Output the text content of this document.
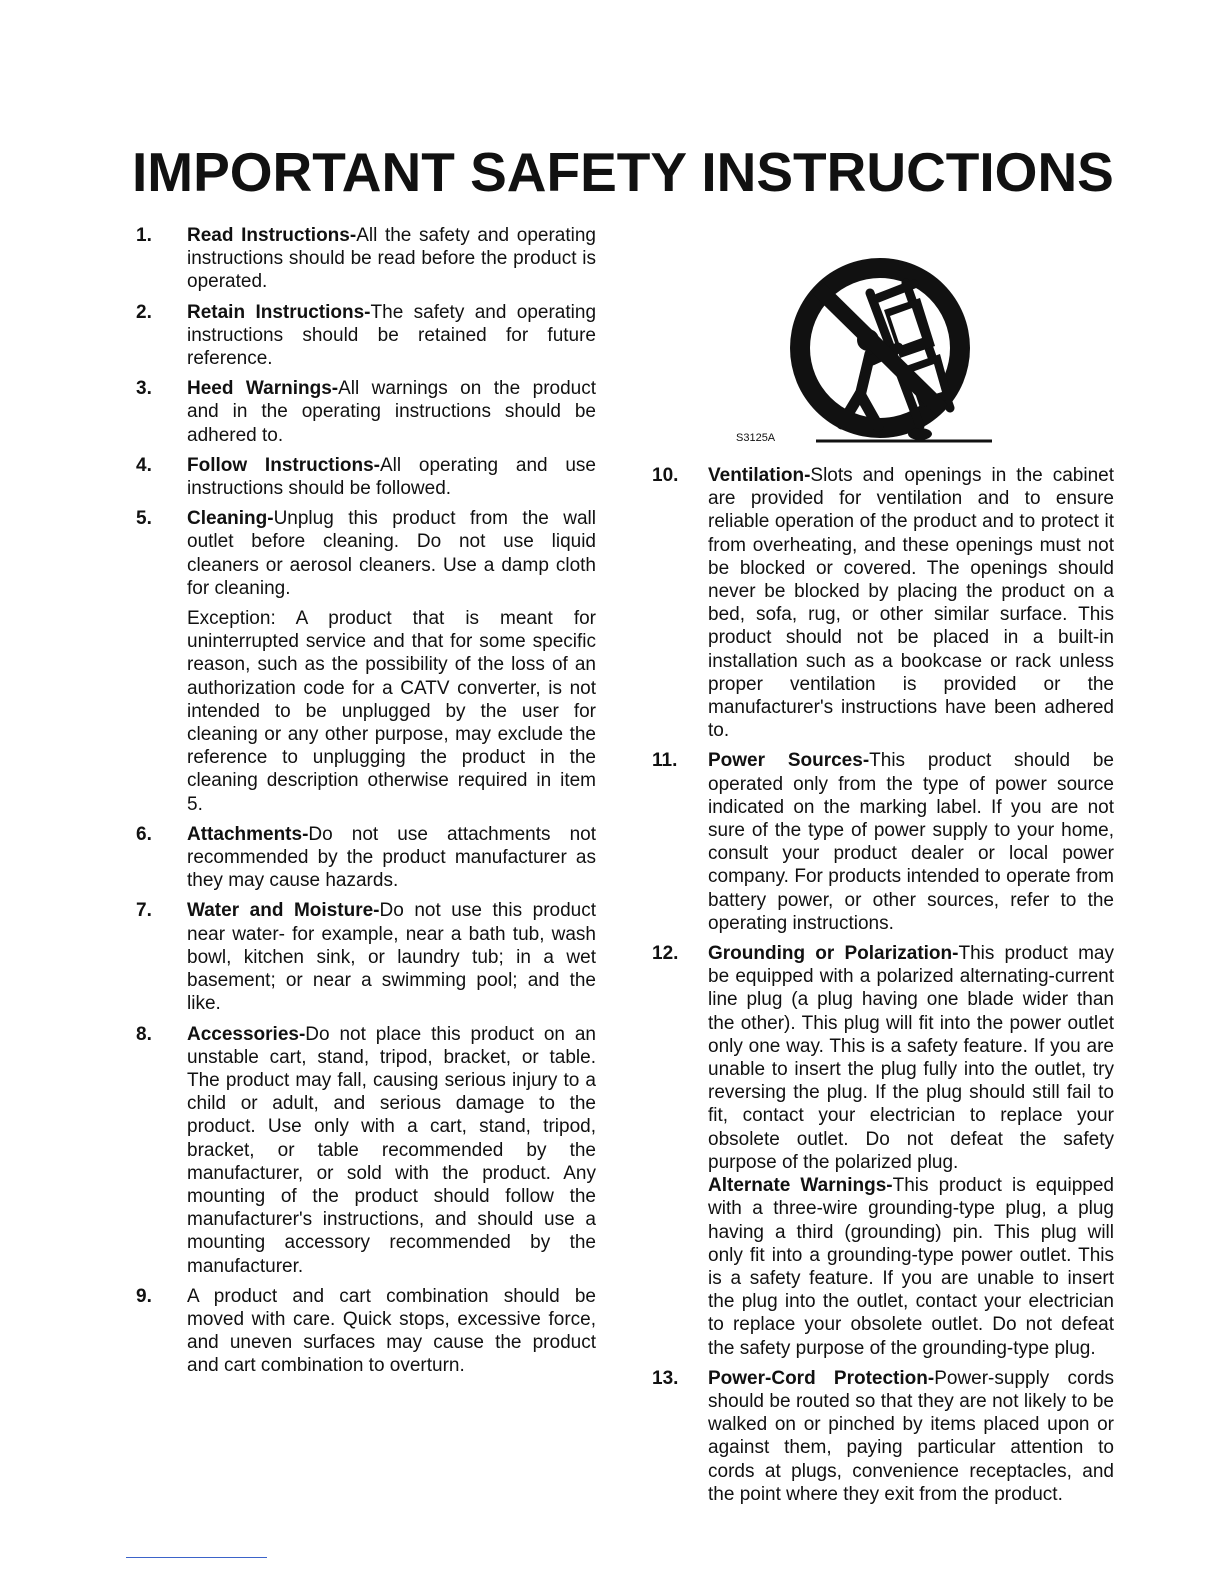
IMPORTANT SAFETY INSTRUCTIONS
1. Read Instructions-All the safety and operating instructions should be read before the product is operated.

2. Retain Instructions-The safety and operating instructions should be retained for future reference.

3. Heed Warnings-All warnings on the product and in the operating instructions should be adhered to.

4. Follow Instructions-All operating and use instructions should be followed.

5. Cleaning-Unplug this product from the wall outlet before cleaning. Do not use liquid cleaners or aerosol cleaners. Use a damp cloth for cleaning.

Exception: A product that is meant for uninterrupted service and that for some specific reason, such as the possibility of the loss of an authorization code for a CATV converter, is not intended to be unplugged by the user for cleaning or any other purpose, may exclude the reference to unplugging the product in the cleaning description otherwise required in item 5.

6. Attachments-Do not use attachments not recommended by the product manufacturer as they may cause hazards.

7. Water and Moisture-Do not use this product near water- for example, near a bath tub, wash bowl, kitchen sink, or laundry tub; in a wet basement; or near a swimming pool; and the like.

8. Accessories-Do not place this product on an unstable cart, stand, tripod, bracket, or table. The product may fall, causing serious injury to a child or adult, and serious damage to the product. Use only with a cart, stand, tripod, bracket, or table recommended by the manufacturer, or sold with the product. Any mounting of the product should follow the manufacturer's instructions, and should use a mounting accessory recommended by the manufacturer.

9. A product and cart combination should be moved with care. Quick stops, excessive force, and uneven surfaces may cause the product and cart combination to overturn.

S3125A
10. Ventilation-Slots and openings in the cabinet are provided for ventilation and to ensure reliable operation of the product and to protect it from overheating, and these openings must not be blocked or covered. The openings should never be blocked by placing the product on a bed, sofa, rug, or other similar surface. This product should not be placed in a built-in installation such as a bookcase or rack unless proper ventilation is provided or the manufacturer's instructions have been adhered to.

11. Power Sources-This product should be operated only from the type of power source indicated on the marking label. If you are not sure of the type of power supply to your home, consult your product dealer or local power company. For products intended to operate from battery power, or other sources, refer to the operating instructions.

12. Grounding or Polarization-This product may be equipped with a polarized alternating-current line plug (a plug having one blade wider than the other). This plug will fit into the power outlet only one way. This is a safety feature. If you are unable to insert the plug fully into the outlet, try reversing the plug. If the plug should still fail to fit, contact your electrician to replace your obsolete outlet. Do not defeat the safety purpose of the polarized plug.

Alternate Warnings-This product is equipped with a three-wire grounding-type plug, a plug having a third (grounding) pin. This plug will only fit into a grounding-type power outlet. This is a safety feature. If you are unable to insert the plug into the outlet, contact your electrician to replace your obsolete outlet. Do not defeat the safety purpose of the grounding-type plug.

13. Power-Cord Protection-Power-supply cords should be routed so that they are not likely to be walked on or pinched by items placed upon or against them, paying particular attention to cords at plugs, convenience receptacles, and the point where they exit from the product.
